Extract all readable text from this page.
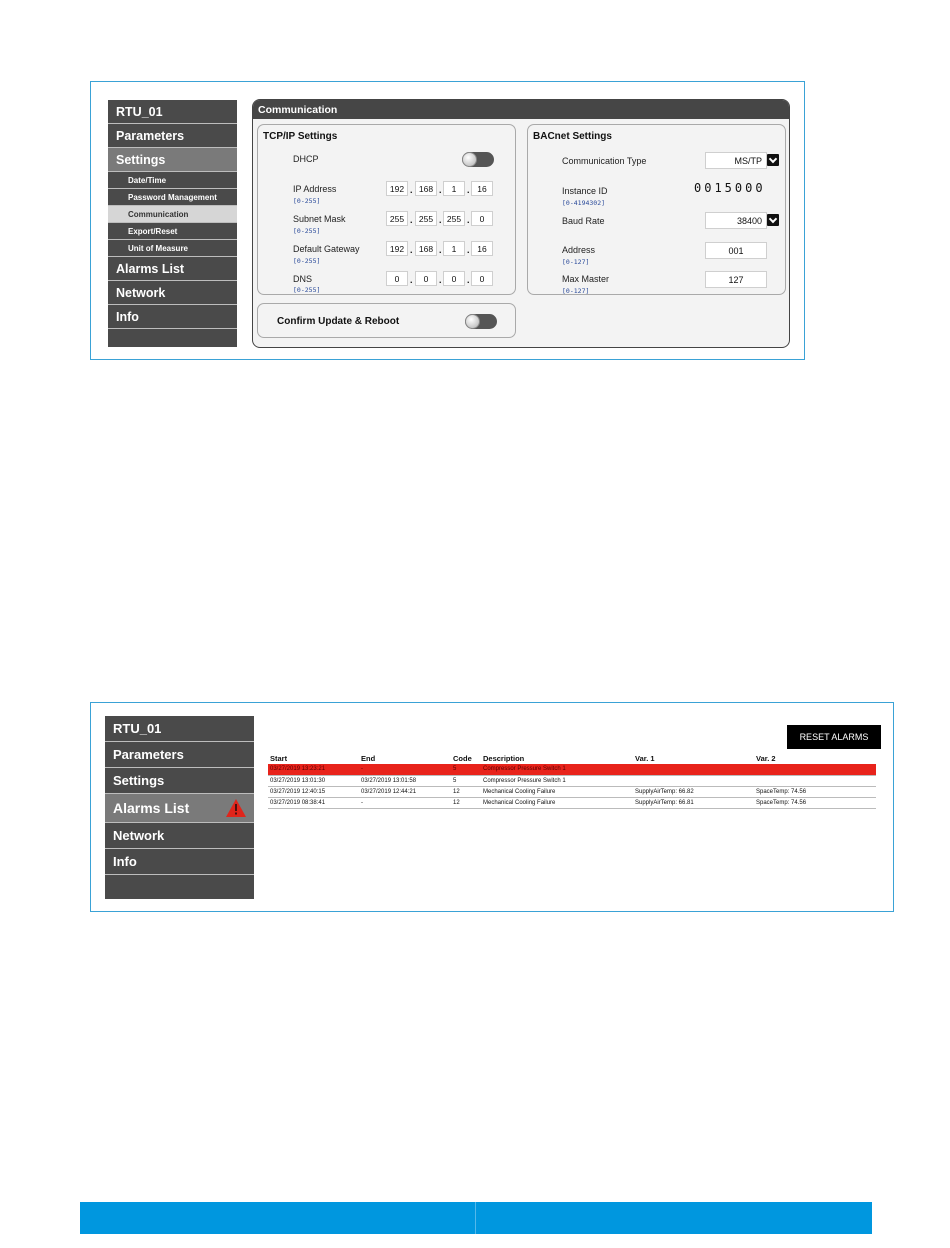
RTU_01
Parameters
Settings
Date/Time
Password Management
Communication
Export/Reset
Unit of Measure
Alarms List
Network
Info
Communication
TCP/IP Settings
DHCP
IP Address
[0-255]
192 . 168 .	1	. 16
Subnet Mask
[0-255]
255 . 255 . 255 .	0
Default Gateway
[0-255]
192 . 168 .	1	. 16
DNS
[0-255]
0	.	0	.	0	.	0
BACnet Settings
Communication Type	MS/TP
Instance ID
[0-4194302]
0015000
Baud Rate	38400
Address
[0-127]
001
Max Master
[0-127]
127
Confirm Update & Reboot
RTU_01
Parameters
Settings
Alarms List
Network
Info
RESET ALARMS
Start	End	Code	Description	Var. 1	Var. 2
03/27/2019 13:23:21	-	5	Compressor Pressure Switch 1		
03/27/2019 13:01:30	03/27/2019 13:01:58	5	Compressor Pressure Switch 1		
03/27/2019 12:40:15	03/27/2019 12:44:21	12	Mechanical Cooling Failure	SupplyAirTemp: 66.82	SpaceTemp: 74.56
03/27/2019 08:38:41	-	12	Mechanical Cooling Failure	SupplyAirTemp: 66.81	SpaceTemp: 74.56
